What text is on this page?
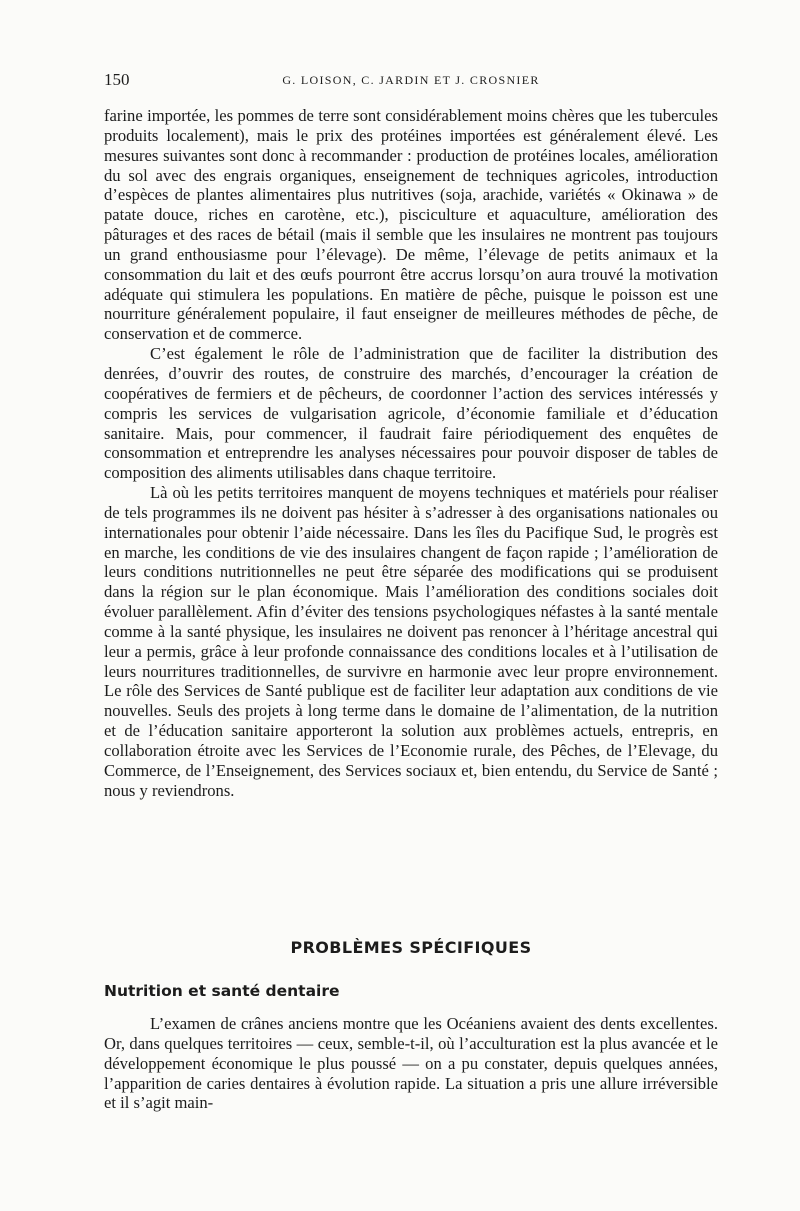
150	G. LOISON, C. JARDIN ET J. CROSNIER

farine importée, les pommes de terre sont considérablement moins chères que les tubercules produits localement), mais le prix des protéines importées est généralement élevé. Les mesures suivantes sont donc à recommander : production de protéines locales, amélioration du sol avec des engrais organiques, enseignement de techniques agricoles, introduction d’espèces de plantes alimentaires plus nutritives (soja, arachide, variétés « Okinawa » de patate douce, riches en carotène, etc.), pisciculture et aquaculture, amélioration des pâturages et des races de bétail (mais il semble que les insulaires ne montrent pas toujours un grand enthousiasme pour l’élevage). De même, l’élevage de petits animaux et la consommation du lait et des œufs pourront être accrus lorsqu’on aura trouvé la motivation adéquate qui stimulera les populations. En matière de pêche, puisque le poisson est une nourriture généralement populaire, il faut enseigner de meilleures méthodes de pêche, de conservation et de commerce.

C’est également le rôle de l’administration que de faciliter la distribution des denrées, d’ouvrir des routes, de construire des marchés, d’encourager la création de coopératives de fermiers et de pêcheurs, de coordonner l’action des services intéressés y compris les services de vulgarisation agricole, d’économie familiale et d’éducation sanitaire. Mais, pour commencer, il faudrait faire périodiquement des enquêtes de consommation et entreprendre les analyses nécessaires pour pouvoir disposer de tables de composition des aliments utilisables dans chaque territoire.

Là où les petits territoires manquent de moyens techniques et matériels pour réaliser de tels programmes ils ne doivent pas hésiter à s’adresser à des organisations nationales ou internationales pour obtenir l’aide nécessaire. Dans les îles du Pacifique Sud, le progrès est en marche, les conditions de vie des insulaires changent de façon rapide ; l’amélioration de leurs conditions nutritionnelles ne peut être séparée des modifications qui se produisent dans la région sur le plan économique. Mais l’amélioration des conditions sociales doit évoluer parallèlement. Afin d’éviter des tensions psychologiques néfastes à la santé mentale comme à la santé physique, les insulaires ne doivent pas renoncer à l’héritage ancestral qui leur a permis, grâce à leur profonde connaissance des conditions locales et à l’utilisation de leurs nourritures traditionnelles, de survivre en harmonie avec leur propre environnement. Le rôle des Services de Santé publique est de faciliter leur adaptation aux conditions de vie nouvelles. Seuls des projets à long terme dans le domaine de l’alimentation, de la nutrition et de l’éducation sanitaire apporteront la solution aux problèmes actuels, entrepris, en collaboration étroite avec les Services de l’Economie rurale, des Pêches, de l’Elevage, du Commerce, de l’Enseignement, des Services sociaux et, bien entendu, du Service de Santé ; nous y reviendrons.

PROBLÈMES SPÉCIFIQUES
Nutrition et santé dentaire

L’examen de crânes anciens montre que les Océaniens avaient des dents excellentes. Or, dans quelques territoires — ceux, semble-t-il, où l’acculturation est la plus avancée et le développement économique le plus poussé — on a pu constater, depuis quelques années, l’apparition de caries dentaires à évolution rapide. La situation a pris une allure irréversible et il s’agit main-
